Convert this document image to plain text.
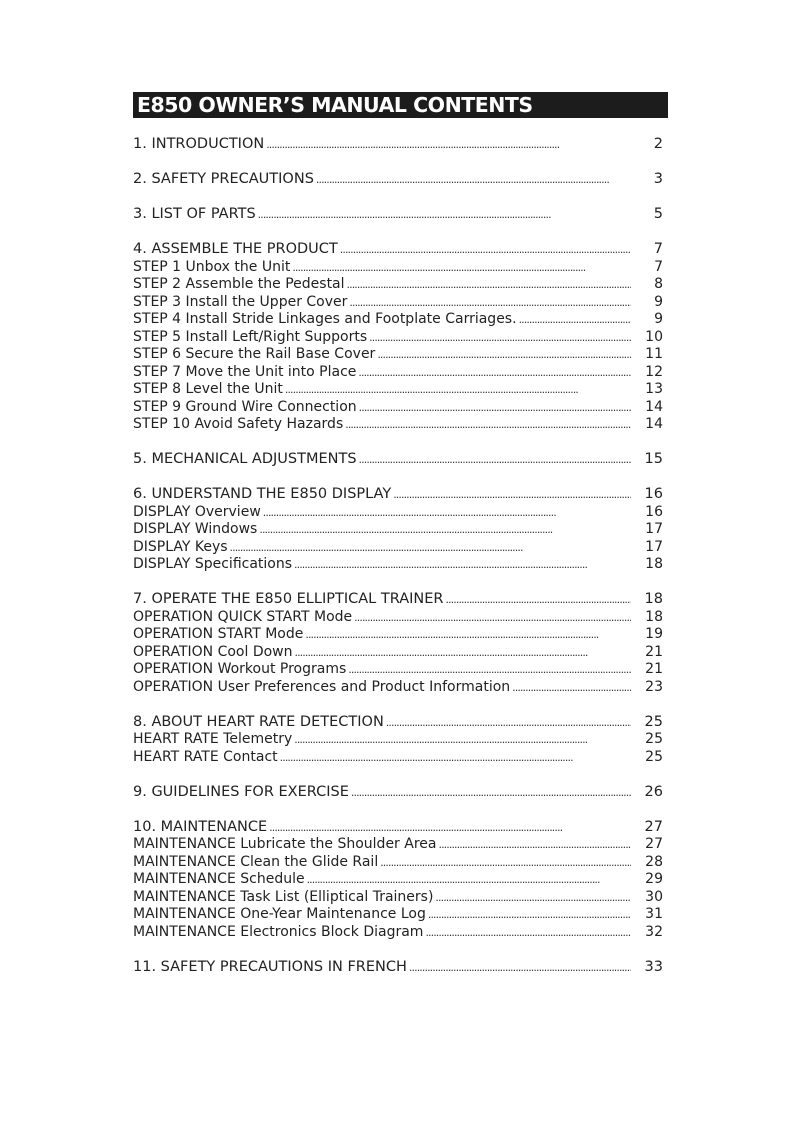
E850 OWNER’S MANUAL CONTENTS
1. INTRODUCTION . . .	2
2. SAFETY PRECAUTIONS . . .	3
3. LIST OF PARTS . . .	5
4. ASSEMBLE THE PRODUCT . . .	7
STEP 1 Unbox the Unit . . .	7
STEP 2 Assemble the Pedestal . . .	8
STEP 3 Install the Upper Cover . . .	9
STEP 4 Install Stride Linkages and Footplate Carriages. . . .	9
STEP 5 Install Left/Right Supports . . .	10
STEP 6 Secure the Rail Base Cover . . .	11
STEP 7 Move the Unit into Place . . .	12
STEP 8 Level the Unit . . .	13
STEP 9 Ground Wire Connection . . .	14
STEP 10 Avoid Safety Hazards . . .	14
5. MECHANICAL ADJUSTMENTS . . .	15
6. UNDERSTAND THE E850 DISPLAY . . .	16
DISPLAY Overview . . .	16
DISPLAY Windows . . .	17
DISPLAY Keys . . .	17
DISPLAY Specifications . . .	18
7. OPERATE THE E850 ELLIPTICAL TRAINER . . .	18
OPERATION QUICK START Mode . . .	18
OPERATION START Mode . . .	19
OPERATION Cool Down . . .	21
OPERATION Workout Programs . . .	21
OPERATION User Preferences and Product Information . . .	23
8. ABOUT HEART RATE DETECTION . . .	25
HEART RATE Telemetry . . .	25
HEART RATE Contact . . .	25
9. GUIDELINES FOR EXERCISE . . .	26
10. MAINTENANCE . . .	27
MAINTENANCE Lubricate the Shoulder Area . . .	27
MAINTENANCE Clean the Glide Rail . . .	28
MAINTENANCE Schedule . . .	29
MAINTENANCE Task List (Elliptical Trainers) . . .	30
MAINTENANCE One-Year Maintenance Log . . .	31
MAINTENANCE Electronics Block Diagram . . .	32
11. SAFETY PRECAUTIONS IN FRENCH . . .	33
